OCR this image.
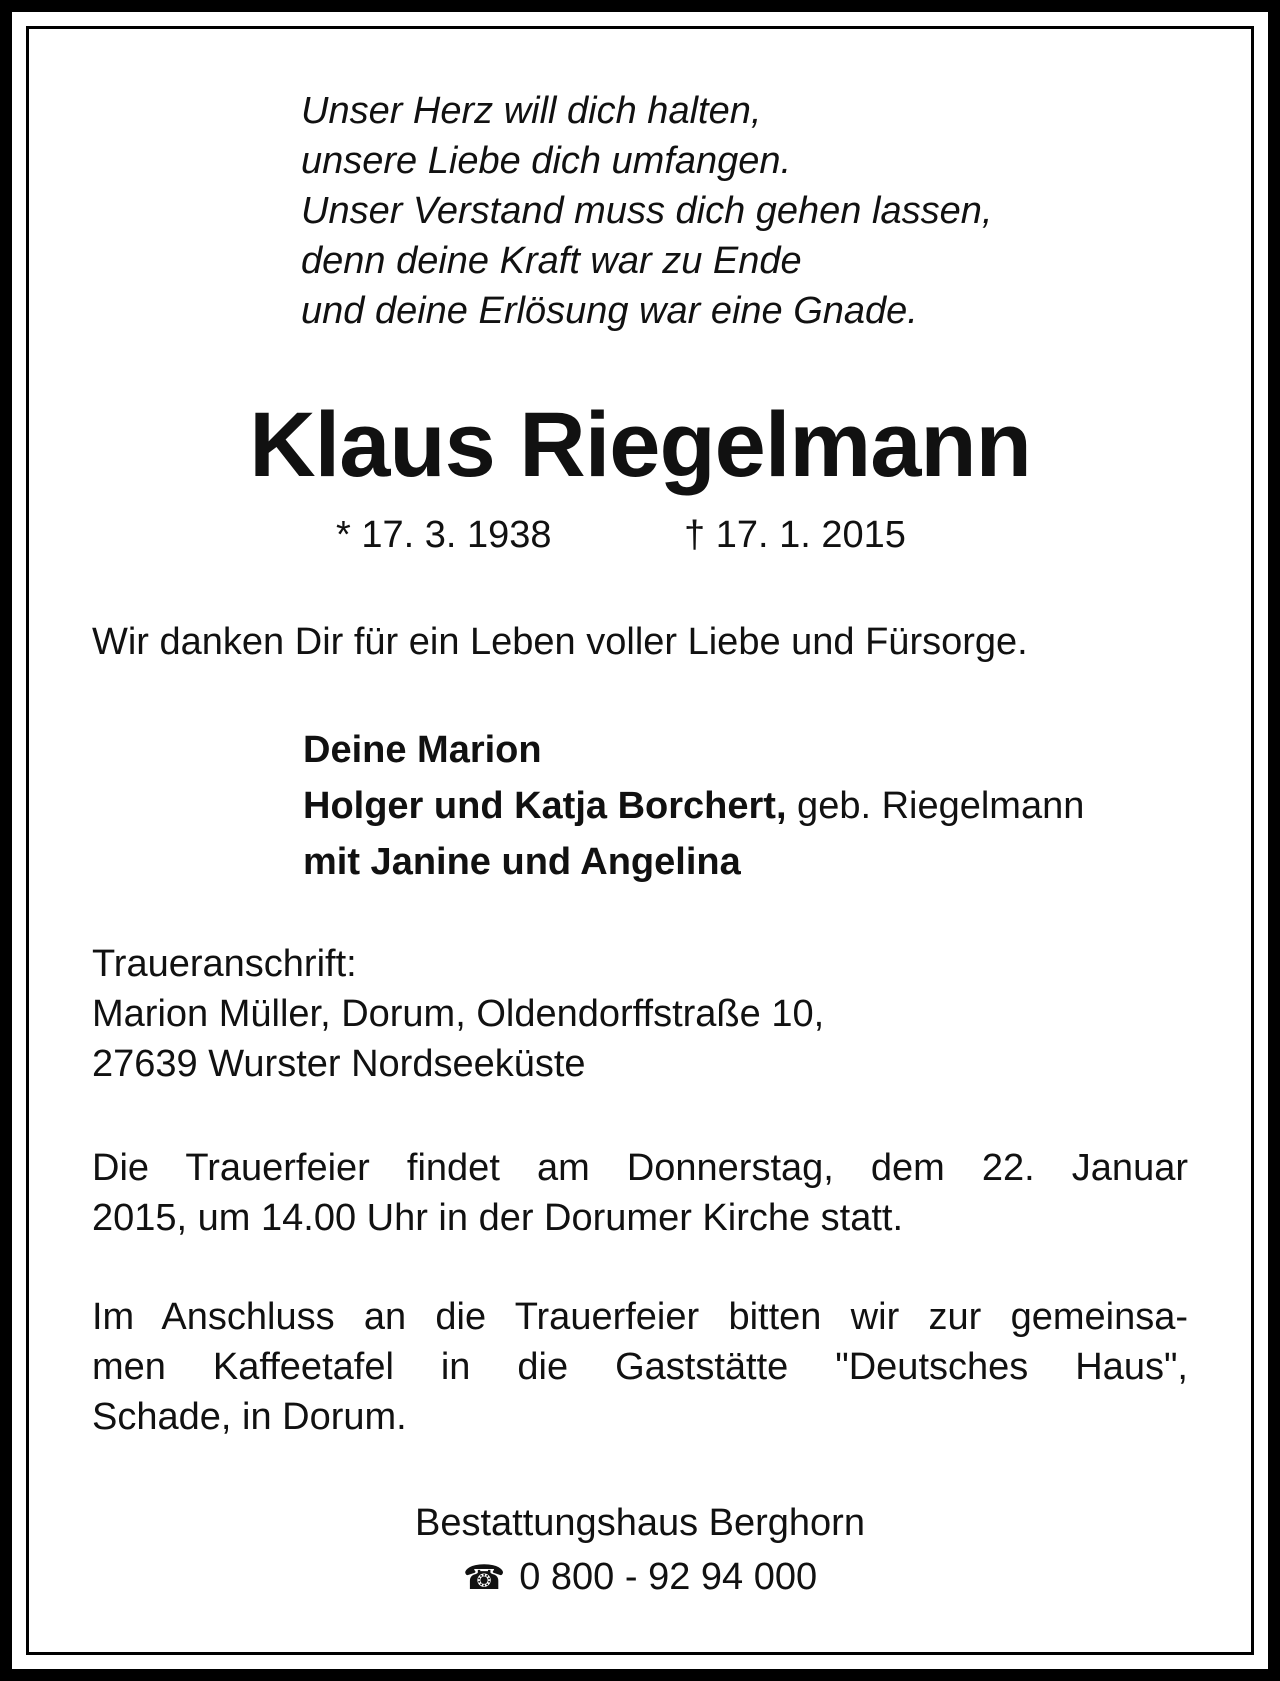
Unser Herz will dich halten,
unsere Liebe dich umfangen.
Unser Verstand muss dich gehen lassen,
denn deine Kraft war zu Ende
und deine Erlösung war eine Gnade.
Klaus Riegelmann
* 17. 3. 1938	† 17. 1. 2015
Wir danken Dir für ein Leben voller Liebe und Fürsorge.
Deine Marion
Holger und Katja Borchert, geb. Riegelmann
mit Janine und Angelina
Traueranschrift:
Marion Müller, Dorum, Oldendorffstraße 10,
27639 Wurster Nordseeküste
Die Trauerfeier findet am Donnerstag, dem 22. Januar
2015, um 14.00 Uhr in der Dorumer Kirche statt.
Im Anschluss an die Trauerfeier bitten wir zur gemeinsa-
men Kaffeetafel in die Gaststätte "Deutsches Haus",
Schade, in Dorum.
Bestattungshaus Berghorn
☎ 0 800 - 92 94 000
